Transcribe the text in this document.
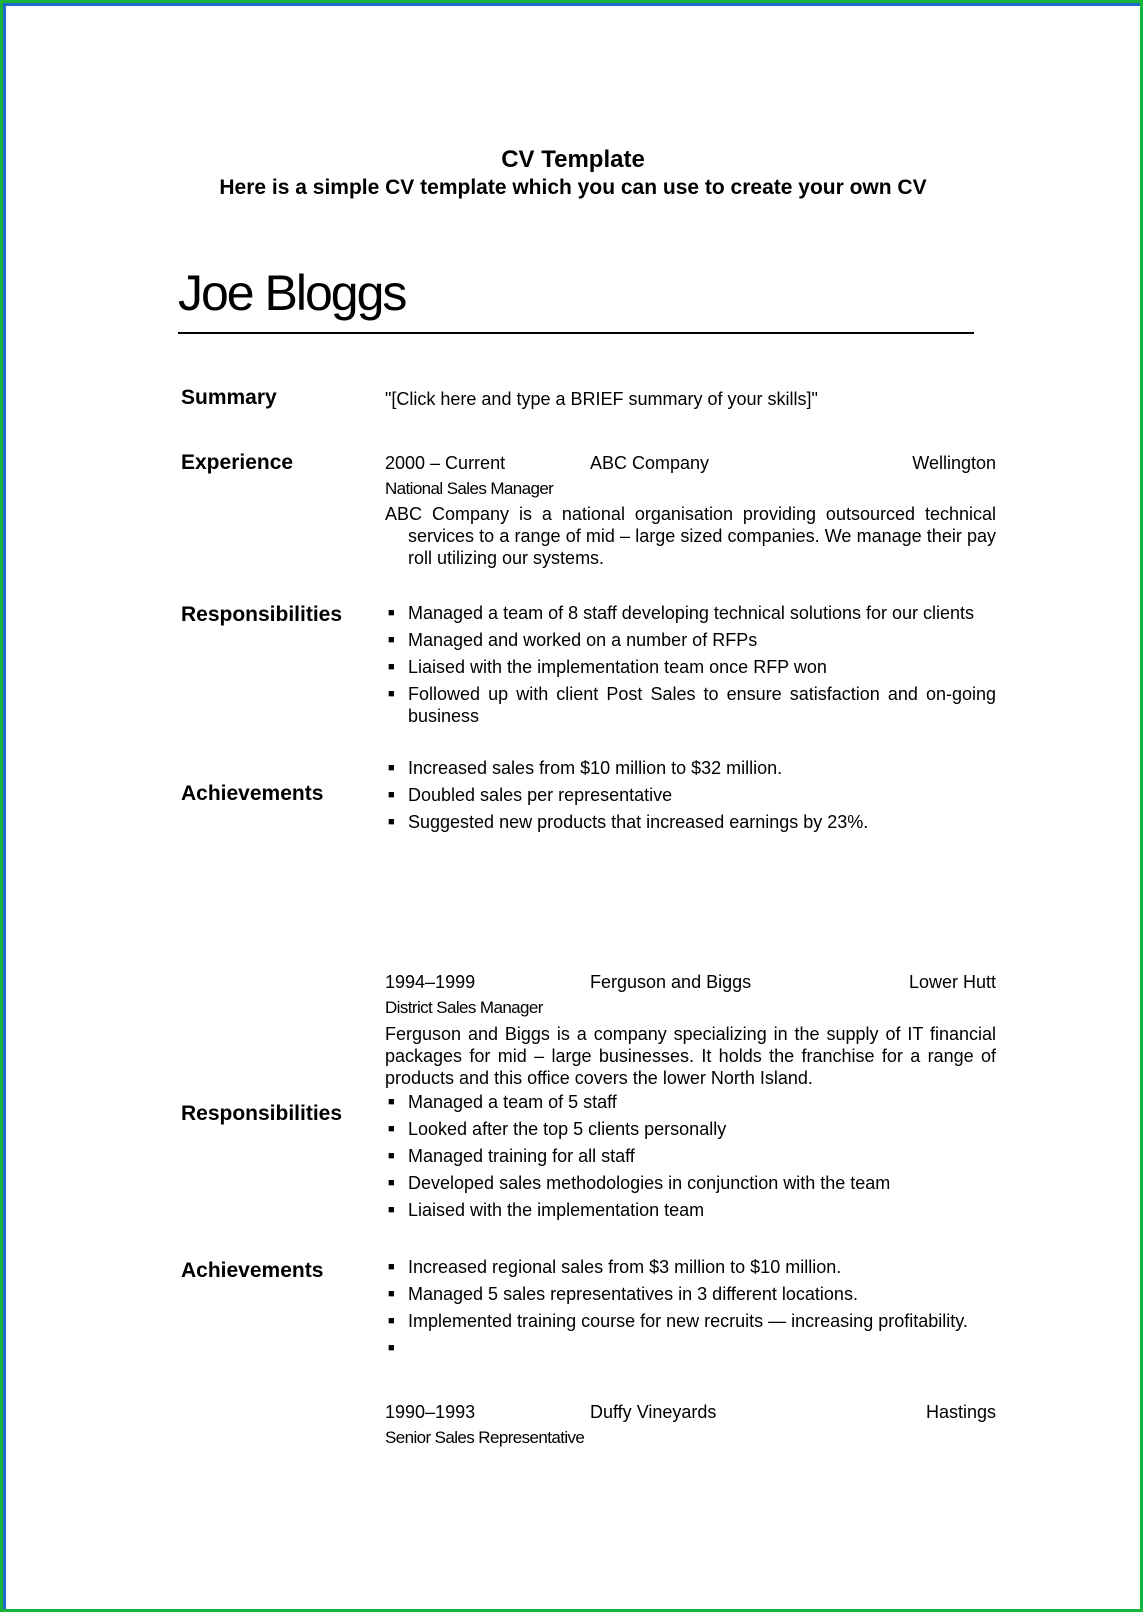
CV Template
Here is a simple CV template which you can use to create your own CV
Joe Bloggs
Summary	"[Click here and type a BRIEF summary of your skills]"
Experience	2000 – Current	ABC Company	Wellington
National Sales Manager
ABC Company is a national organisation providing outsourced technical
services to a range of mid – large sized companies. We manage their pay roll utilizing our systems.
Responsibilities	■ Managed a team of 8 staff developing technical solutions for our clients
■ Managed and worked on a number of RFPs
■ Liaised with the implementation team once RFP won
■ Followed up with client Post Sales to ensure satisfaction and on-going business
Achievements
■ Increased sales from $10 million to $32 million.
■ Doubled sales per representative
■ Suggested new products that increased earnings by 23%.
1994–1999	Ferguson and Biggs	Lower Hutt
District Sales Manager
Ferguson and Biggs is a company specializing in the supply of IT financial packages for mid – large businesses. It holds the franchise for a range of products and this office covers the lower North Island.
Responsibilities	■ Managed a team of 5 staff
■ Looked after the top 5 clients personally
■ Managed training for all staff
■ Developed sales methodologies in conjunction with the team
■ Liaised with the implementation team
Achievements	■ Increased regional sales from $3 million to $10 million.
■ Managed 5 sales representatives in 3 different locations.
■ Implemented training course for new recruits — increasing profitability.
■
1990–1993	Duffy Vineyards	Hastings
Senior Sales Representative
